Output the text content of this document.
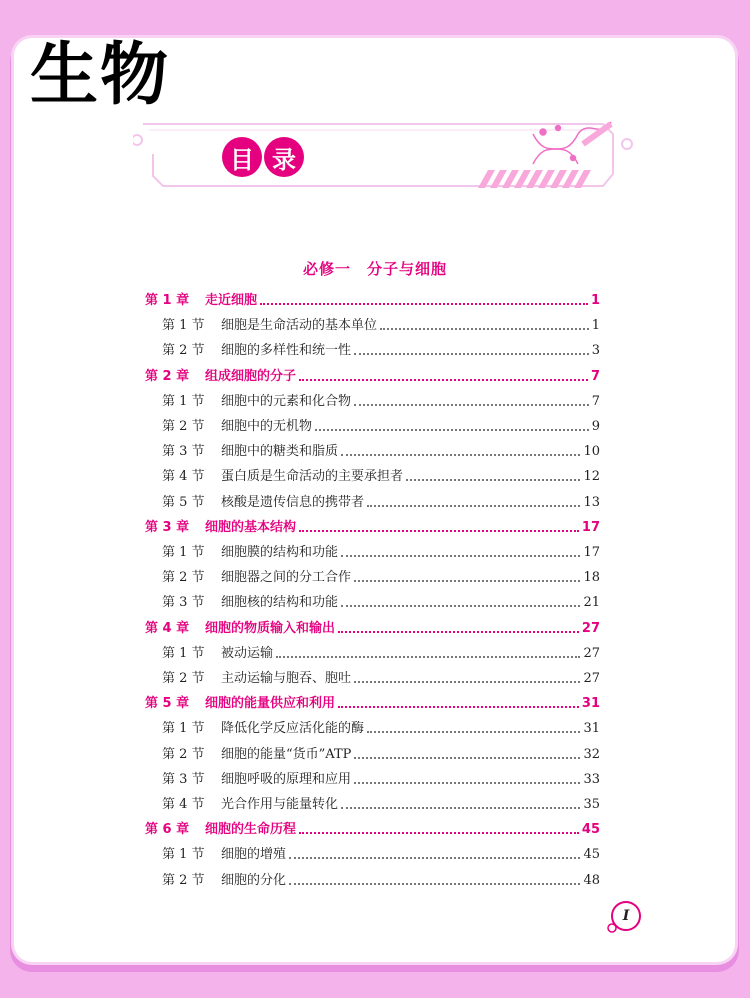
生物
目 录
必修一　分子与细胞
第 1 章 走近细胞	1
第 1 节 细胞是生命活动的基本单位	1
第 2 节 细胞的多样性和统一性	3
第 2 章 组成细胞的分子	7
第 1 节 细胞中的元素和化合物	7
第 2 节 细胞中的无机物	9
第 3 节 细胞中的糖类和脂质	10
第 4 节 蛋白质是生命活动的主要承担者	12
第 5 节 核酸是遗传信息的携带者	13
第 3 章 细胞的基本结构	17
第 1 节 细胞膜的结构和功能	17
第 2 节 细胞器之间的分工合作	18
第 3 节 细胞核的结构和功能	21
第 4 章 细胞的物质输入和输出	27
第 1 节 被动运输	27
第 2 节 主动运输与胞吞、胞吐	27
第 5 章 细胞的能量供应和利用	31
第 1 节 降低化学反应活化能的酶	31
第 2 节 细胞的能量“货币”ATP	32
第 3 节 细胞呼吸的原理和应用	33
第 4 节 光合作用与能量转化	35
第 6 章 细胞的生命历程	45
第 1 节 细胞的增殖	45
第 2 节 细胞的分化	48
I
